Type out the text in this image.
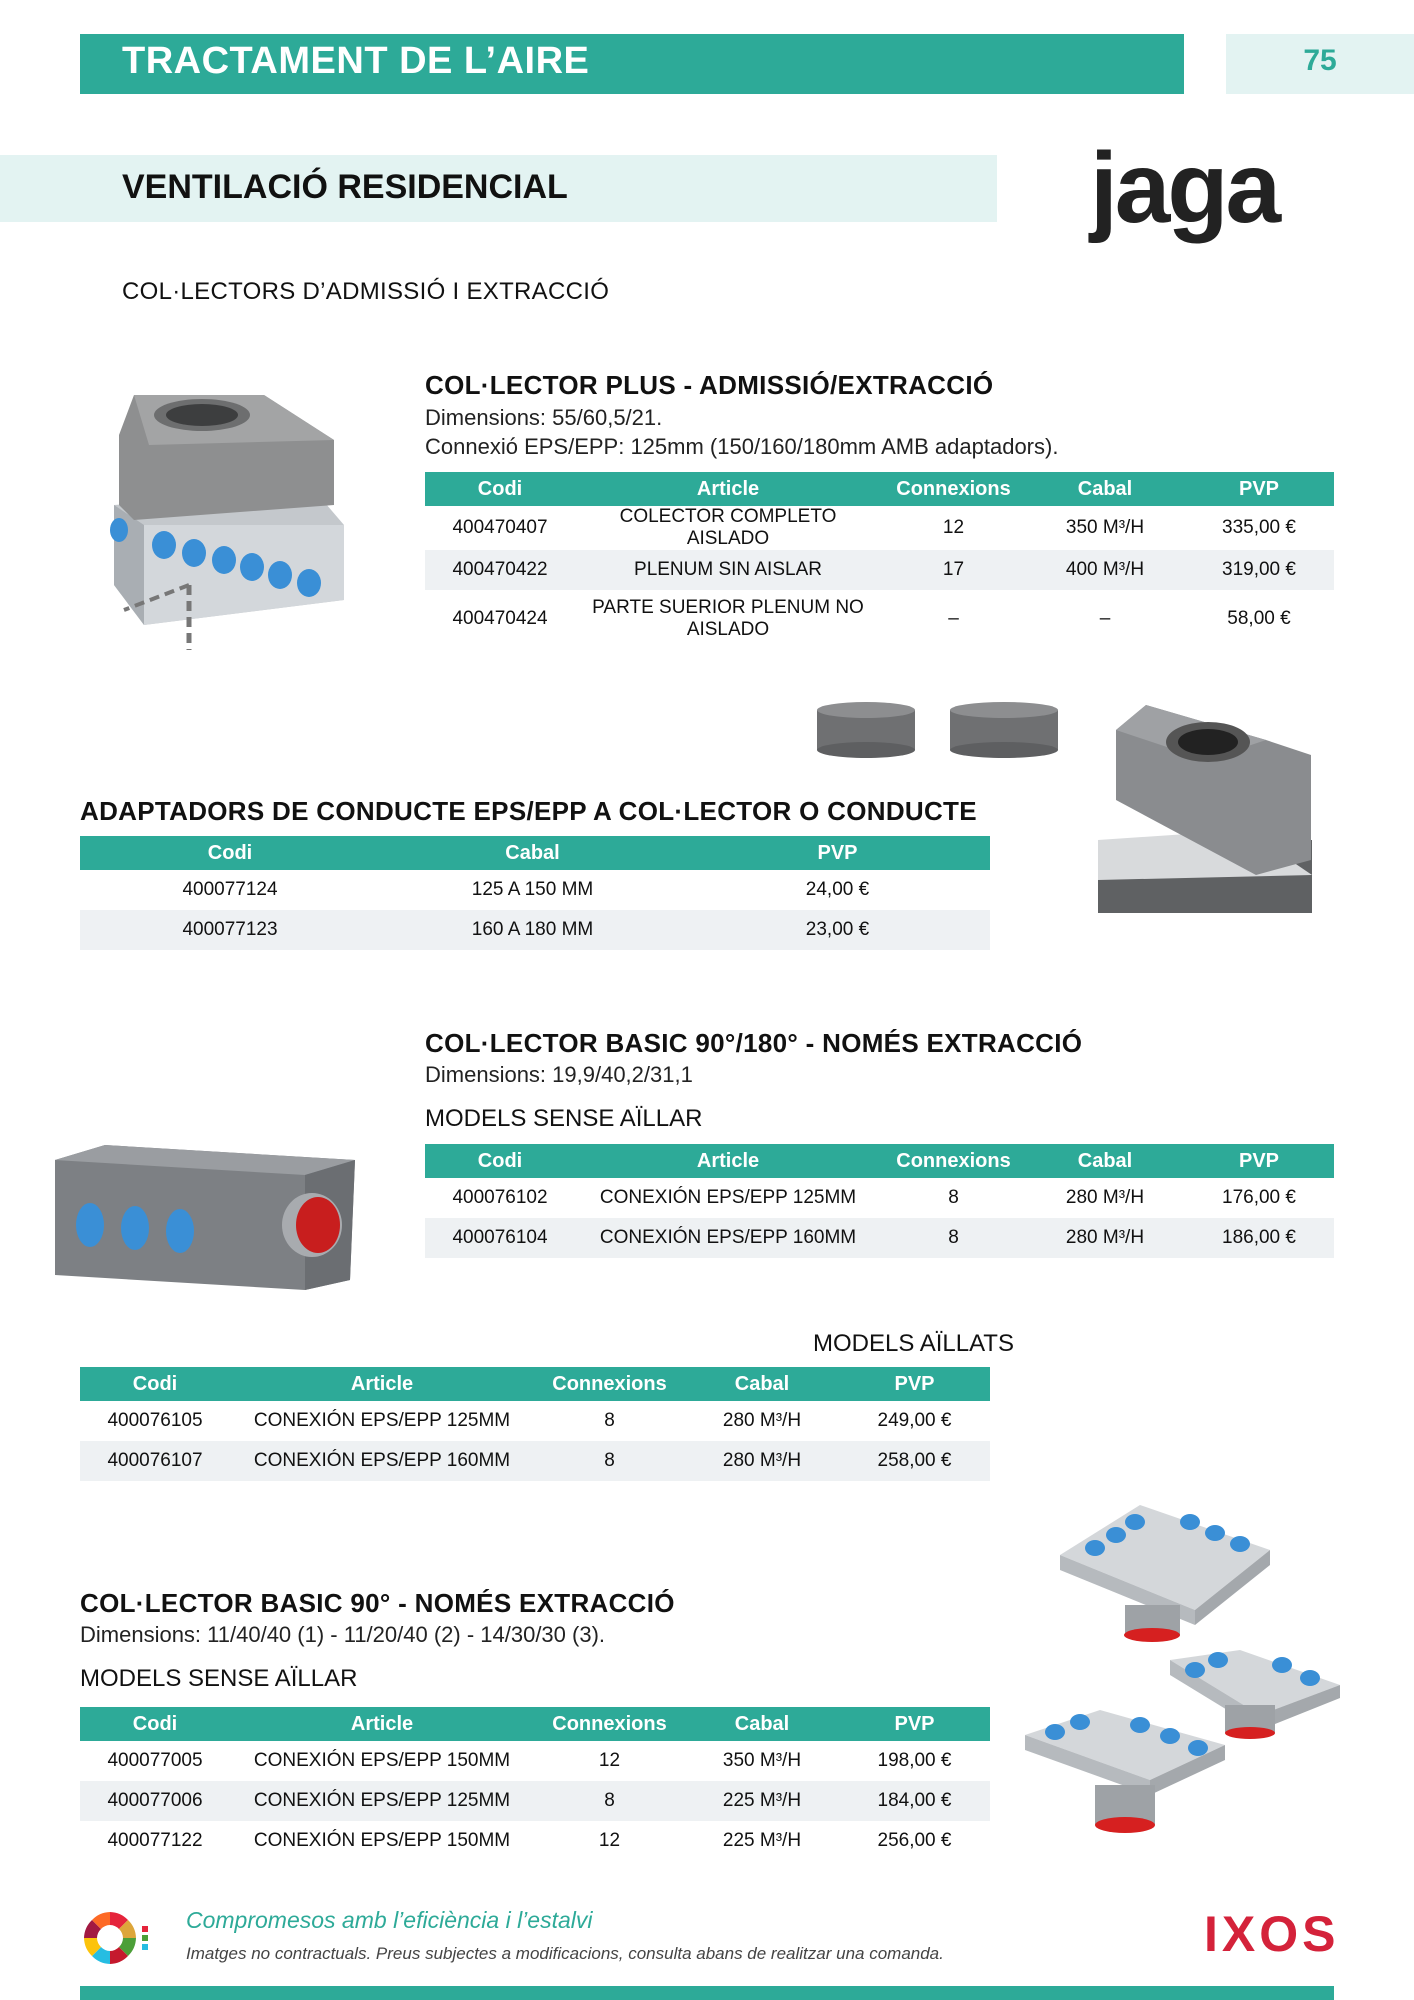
TRACTAMENT DE L’AIRE	75
VENTILACIÓ RESIDENCIAL	jaga
COL·LECTORS D’ADMISSIÓ I EXTRACCIÓ
COL·LECTOR PLUS - ADMISSIÓ/EXTRACCIÓ
Dimensions: 55/60,5/21.
Connexió EPS/EPP: 125mm (150/160/180mm AMB adaptadors).
Codi	Article	Connexions	Cabal	PVP
400470407	COLECTOR COMPLETO AISLADO	12	350 M³/H	335,00 €
400470422	PLENUM SIN AISLAR	17	400 M³/H	319,00 €
400470424	PARTE SUERIOR PLENUM NO AISLADO	–	–	58,00 €
ADAPTADORS DE CONDUCTE EPS/EPP A COL·LECTOR O CONDUCTE
Codi	Cabal	PVP
400077124	125 A 150 MM	24,00 €
400077123	160 A 180 MM	23,00 €
COL·LECTOR BASIC 90°/180° - NOMÉS EXTRACCIÓ
Dimensions: 19,9/40,2/31,1
MODELS SENSE AÏLLAR
Codi	Article	Connexions	Cabal	PVP
400076102	CONEXIÓN EPS/EPP 125MM	8	280 M³/H	176,00 €
400076104	CONEXIÓN EPS/EPP 160MM	8	280 M³/H	186,00 €
MODELS AÏLLATS
Codi	Article	Connexions	Cabal	PVP
400076105	CONEXIÓN EPS/EPP 125MM	8	280 M³/H	249,00 €
400076107	CONEXIÓN EPS/EPP 160MM	8	280 M³/H	258,00 €
COL·LECTOR BASIC 90° - NOMÉS EXTRACCIÓ
Dimensions: 11/40/40 (1) - 11/20/40 (2) - 14/30/30 (3).
MODELS SENSE AÏLLAR
Codi	Article	Connexions	Cabal	PVP
400077005	CONEXIÓN EPS/EPP 150MM	12	350 M³/H	198,00 €
400077006	CONEXIÓN EPS/EPP 125MM	8	225 M³/H	184,00 €
400077122	CONEXIÓN EPS/EPP 150MM	12	225 M³/H	256,00 €
Compromesos amb l’eficiència i l’estalvi
Imatges no contractuals. Preus subjectes a modificacions, consulta abans de realitzar una comanda.	IXOS
